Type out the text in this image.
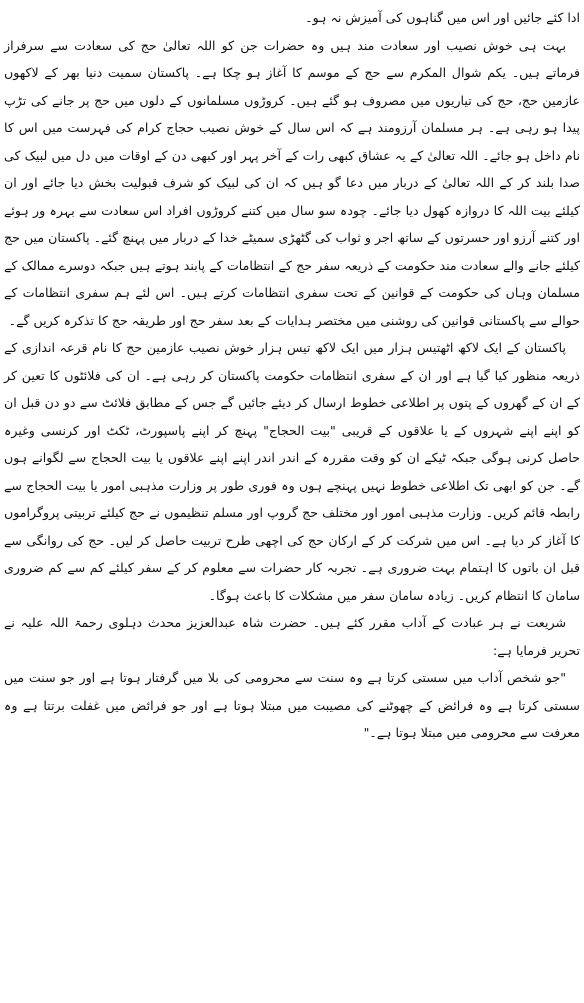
ادا کئے جائیں اور اس میں گناہوں کی آمیزش نہ ہو۔

بہت ہی خوش نصیب اور سعادت مند ہیں وہ حضرات جن کو اللہ تعالیٰ حج کی سعادت سے سرفراز فرماتے ہیں۔ یکم شوال المکرم سے حج کے موسم کا آغاز ہو چکا ہے۔ پاکستان سمیت دنیا بھر کے لاکھوں عازمین حج، حج کی تیاریوں میں مصروف ہو گئے ہیں۔ کروڑوں مسلمانوں کے دلوں میں حج پر جانے کی تڑپ پیدا ہو رہی ہے۔ ہر مسلمان آرزومند ہے کہ اس سال کے خوش نصیب حجاج کرام کی فہرست میں اس کا نام داخل ہو جائے۔ اللہ تعالیٰ کے یہ عشاق کبھی رات کے آخر پہر اور کبھی دن کے اوقات میں دل میں لبیک کی صدا بلند کر کے اللہ تعالیٰ کے دربار میں دعا گو ہیں کہ ان کی لبیک کو شرف قبولیت بخش دیا جائے اور ان کیلئے بیت اللہ کا دروازہ کھول دیا جائے۔ چودہ سو سال میں کتنے کروڑوں افراد اس سعادت سے بہرہ ور ہوئے اور کتنے آرزو اور حسرتوں کے ساتھ اجر و ثواب کی گٹھڑی سمیٹے خدا کے دربار میں پہنچ گئے۔ پاکستان میں حج کیلئے جانے والے سعادت مند حکومت کے ذریعہ سفر حج کے انتظامات کے پابند ہوتے ہیں جبکہ دوسرے ممالک کے مسلمان وہاں کی حکومت کے قوانین کے تحت سفری انتظامات کرتے ہیں۔ اس لئے ہم سفری انتظامات کے حوالے سے پاکستانی قوانین کی روشنی میں مختصر ہدایات کے بعد سفر حج اور طریقہ حج کا تذکرہ کریں گے۔

پاکستان کے ایک لاکھ اٹھتیس ہزار میں ایک لاکھ تیس ہزار خوش نصیب عازمین حج کا نام قرعہ اندازی کے ذریعہ منظور کیا گیا ہے اور ان کے سفری انتظامات حکومت پاکستان کر رہی ہے۔ ان کی فلائٹوں کا تعین کر کے ان کے گھروں کے پتوں پر اطلاعی خطوط ارسال کر دیئے جائیں گے جس کے مطابق فلائٹ سے دو دن قبل ان کو اپنے اپنے شہروں کے یا علاقوں کے قریبی "بیت الحجاج" پہنچ کر اپنے پاسپورٹ، ٹکٹ اور کرنسی وغیرہ حاصل کرنی ہوگی جبکہ ٹیکے ان کو وقت مقررہ کے اندر اندر اپنے اپنے علاقوں یا بیت الحجاج سے لگوانے ہوں گے۔ جن کو ابھی تک اطلاعی خطوط نہیں پہنچے ہوں وہ فوری طور پر وزارت مذہبی امور یا بیت الحجاج سے رابطہ قائم کریں۔ وزارت مذہبی امور اور مختلف حج گروپ اور مسلم تنظیموں نے حج کیلئے تربیتی پروگراموں کا آغاز کر دیا ہے۔ اس میں شرکت کر کے ارکان حج کی اچھی طرح تربیت حاصل کر لیں۔ حج کی روانگی سے قبل ان باتوں کا اہتمام بہت ضروری ہے۔ تجربہ کار حضرات سے معلوم کر کے سفر کیلئے کم سے کم ضروری سامان کا انتظام کریں۔ زیادہ سامان سفر میں مشکلات کا باعث ہوگا۔

شریعت نے ہر عبادت کے آداب مقرر کئے ہیں۔ حضرت شاہ عبدالعزیز محدث دہلوی رحمۃ اللہ علیہ نے تحریر فرمایا ہے:

"جو شخص آداب میں سستی کرتا ہے وہ سنت سے محرومی کی بلا میں گرفتار ہوتا ہے اور جو سنت میں سستی کرتا ہے وہ فرائض کے چھوٹنے کی مصیبت میں مبتلا ہوتا ہے اور جو فرائض میں غفلت برتتا ہے وہ معرفت سے محرومی میں مبتلا ہوتا ہے۔"
